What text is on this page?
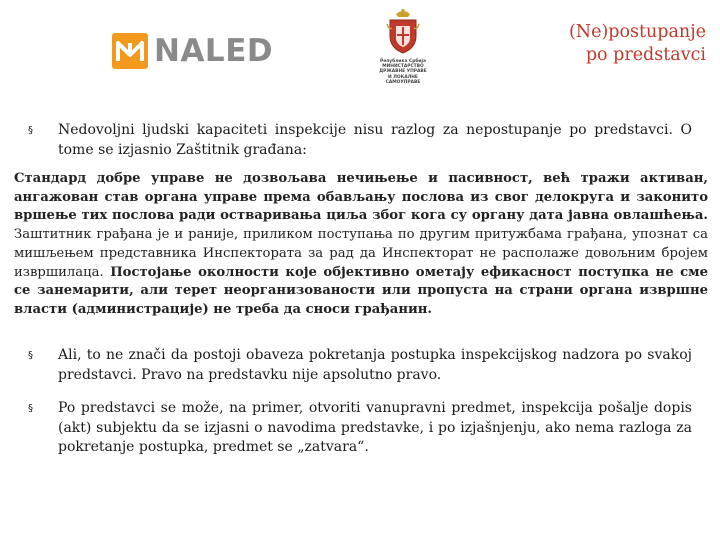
NALED	Република Србија
МИНИСТАРСТВО
ДРЖАВНЕ УПРАВЕ
И ЛОКАЛНЕ
САМОУПРАВЕ
(Ne)postupanje
po predstavci
§ Nedovoljni ljudski kapaciteti inspekcije nisu razlog za nepostupanje po predstavci. O tome se izjasnio Zaštitnik građana:
Стандард добре управе не дозвољава нечињење и пасивност, већ тражи активан, ангажован став органа управе према обављању послова из свог делокруга и законито вршење тих послова ради остваривања циља због кога су органу дата јавна овлашћења. Заштитник грађана је и раније, приликом поступања по другим притужбама грађана, упознат са мишљењем представника Инспектората за рад да Инспекторат не располаже довољним бројем извршилаца. Постојање околности које објективно ометају ефикасност поступка не сме се занемарити, али терет неорганизованости или пропуста на страни органа извршне власти (администрације) не треба да сноси грађанин.
§ Ali, to ne znači da postoji obaveza pokretanja postupka inspekcijskog nadzora po svakoj predstavci. Pravo na predstavku nije apsolutno pravo.
§ Po predstavci se može, na primer, otvoriti vanupravni predmet, inspekcija pošalje dopis (akt) subjektu da se izjasni o navodima predstavke, i po izjašnjenju, ako nema razloga za pokretanje postupka, predmet se „zatvara“.
